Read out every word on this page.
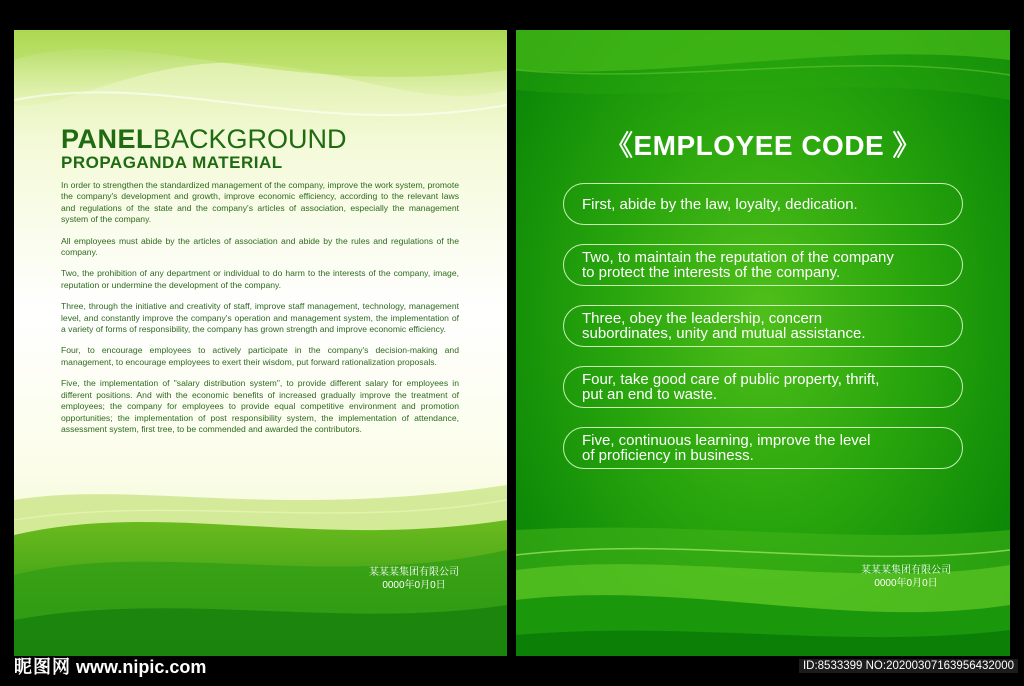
PANELBACKGROUND
PROPAGANDA MATERIAL

In order to strengthen the standardized management of the company, improve the work system, promote the company's development and growth, improve economic efficiency, according to the relevant laws and regulations of the state and the company's articles of association, especially the management system of the company.

All employees must abide by the articles of association and abide by the rules and regulations of the company.

Two, the prohibition of any department or individual to do harm to the interests of the company, image, reputation or undermine the development of the company.

Three, through the initiative and creativity of staff, improve staff management, technology, management level, and constantly improve the company's operation and management system, the implementation of a variety of forms of responsibility, the company has grown strength and improve economic efficiency.

Four, to encourage employees to actively participate in the company's decision-making and management, to encourage employees to exert their wisdom, put forward rationalization proposals.

Five, the implementation of "salary distribution system", to provide different salary for employees in different positions. And with the economic benefits of increased gradually improve the treatment of employees; the company for employees to provide equal competitive environment and promotion opportunities; the implementation of post responsibility system, the implementation of attendance, assessment system, first tree, to be commended and awarded the contributors.

某某某集团有限公司
0000年0月0日
《EMPLOYEE CODE 》
First, abide by the law, loyalty, dedication.
Two, to maintain the reputation of the company
to protect the interests of the company.
Three, obey the leadership, concern
subordinates, unity and mutual assistance.
Four, take good care of public property, thrift,
put an end to waste.
Five, continuous learning, improve the level
of proficiency in business.
某某某集团有限公司
0000年0月0日
昵图网 www.nipic.com	ID:8533399 NO:20200307163956432000
